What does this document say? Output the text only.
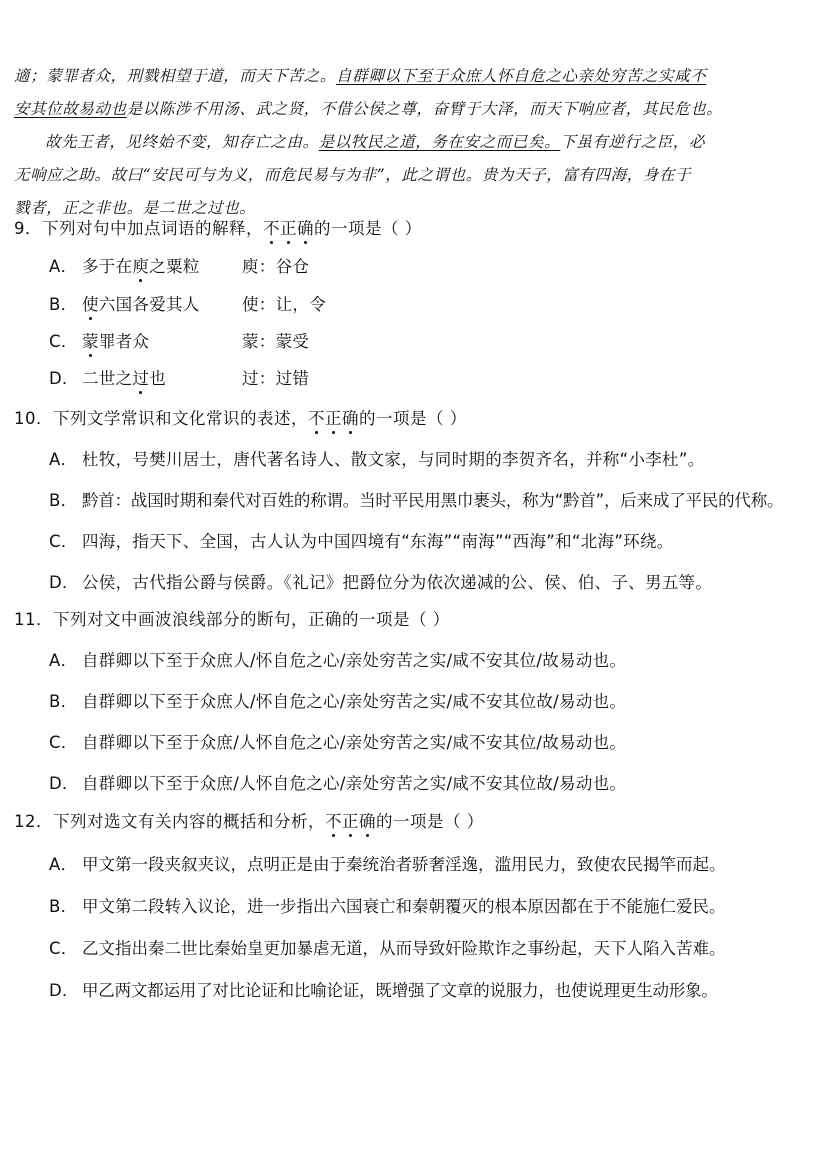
適；蒙罪者众，刑戮相望于道，而天下苦之。自群卿以下至于众庶人怀自危之心亲处穷苦之实咸不

安其位故易动也是以陈涉不用汤、武之贤，不借公侯之尊，奋臂于大泽，而天下响应者，其民危也。

故先王者，见终始不变，知存亡之由。是以牧民之道，务在安之而已矣。下虽有逆行之臣，必

无响应之助。故曰“安民可与为义，而危民易与为非”，此之谓也。贵为天子，富有四海，身在于

戮者，正之非也。是二世之过也。

9．下列对句中加点词语的解释，不正确的一项是（ ）
A． 多于在庾之粟粒	庾：谷仓
B． 使六国各爱其人	使：让，令
C． 蒙罪者众	蒙：蒙受
D． 二世之过也	过：过错
10．下列文学常识和文化常识的表述，不正确的一项是（ ）
A． 杜牧，号樊川居士，唐代著名诗人、散文家，与同时期的李贺齐名，并称“小李杜”。
B． 黔首：战国时期和秦代对百姓的称谓。当时平民用黑巾裹头，称为“黔首”，后来成了平民的代称。
C． 四海，指天下、全国，古人认为中国四境有“东海”“南海”“西海”和“北海”环绕。
D． 公侯，古代指公爵与侯爵。《礼记》把爵位分为依次递减的公、侯、伯、子、男五等。
11．下列对文中画波浪线部分的断句，正确的一项是（ ）
A． 自群卿以下至于众庶人/怀自危之心/亲处穷苦之实/咸不安其位/故易动也。
B． 自群卿以下至于众庶人/怀自危之心/亲处穷苦之实/咸不安其位故/易动也。
C． 自群卿以下至于众庶/人怀自危之心/亲处穷苦之实/咸不安其位/故易动也。
D． 自群卿以下至于众庶/人怀自危之心/亲处穷苦之实/咸不安其位故/易动也。
12．下列对选文有关内容的概括和分析，不正确的一项是（ ）
A． 甲文第一段夹叙夹议，点明正是由于秦统治者骄奢淫逸，滥用民力，致使农民揭竿而起。
B． 甲文第二段转入议论，进一步指出六国衰亡和秦朝覆灭的根本原因都在于不能施仁爱民。
C． 乙文指出秦二世比秦始皇更加暴虐无道，从而导致奸险欺诈之事纷起，天下人陷入苦难。
D． 甲乙两文都运用了对比论证和比喻论证，既增强了文章的说服力，也使说理更生动形象。
